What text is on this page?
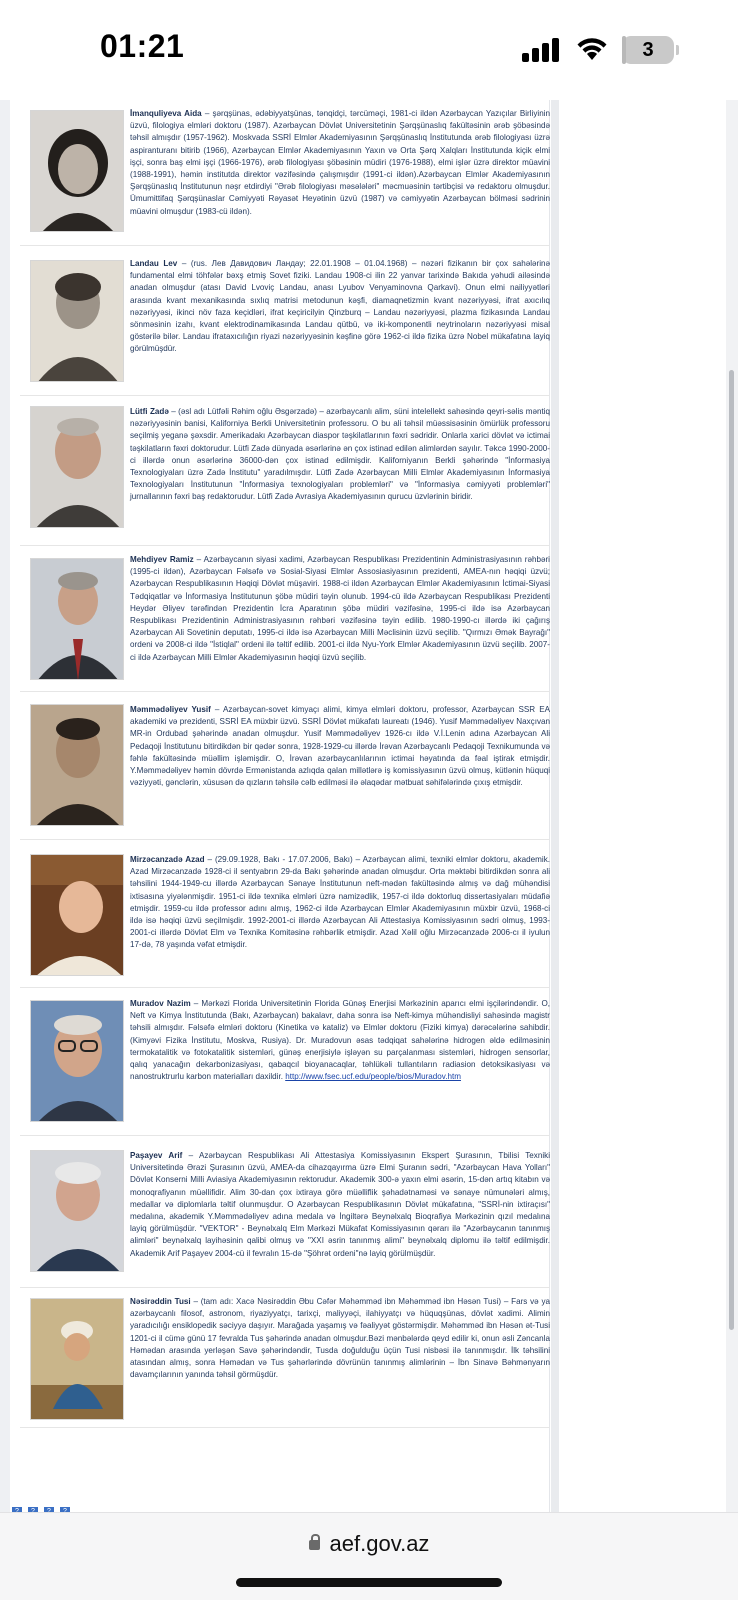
01:21	3
İmanquliyeva Aida – şərqşünas, ədəbiyyatşünas, tənqidçi, tərcüməçi, 1981-ci ildən Azərbaycan Yazıçılar Birliyinin üzvü, filologiya elmləri doktoru (1987). Azərbaycan Dövlət Universitetinin Şərqşünaslıq fakültəsinin ərəb şöbəsində təhsil almışdır (1957-1962). Moskvada SSRİ Elmlər Akademiyasının Şərqşünaslıq İnstitutunda ərəb filologiyası üzrə aspiranturanı bitirib (1966), Azərbaycan Elmlər Akademiyasının Yaxın və Orta Şərq Xalqları İnstitutunda kiçik elmi işçi, sonra baş elmi işçi (1966-1976), ərəb filologiyası şöbəsinin müdiri (1976-1988), elmi işlər üzrə direktor müavini (1988-1991), həmin institutda direktor vəzifəsində çalışmışdır (1991-ci ildən).Azərbaycan Elmlər Akademiyasının Şərqşünaslıq İnstitutunun nəşr etdirdiyi "Ərəb filologiyası məsələləri" məcmuəsinin tərtibçisi və redaktoru olmuşdur. Ümumittifaq Şərqşünaslar Cəmiyyəti Rəyasət Heyətinin üzvü (1987) və cəmiyyətin Azərbaycan bölməsi sədrinin müavini olmuşdur (1983-cü ildən).
Landau Lev – (rus. Лев Давидович Ландау; 22.01.1908 – 01.04.1968) – nəzəri fizikanın bir çox sahələrinə fundamental elmi töhfələr bəxş etmiş Sovet fiziki. Landau 1908-ci ilin 22 yanvar tarixində Bakıda yəhudi ailəsində anadan olmuşdur (atası David Lvoviç Landau, anası Lyubov Venyaminovna Qarkavi). Onun elmi nailiyyətləri arasında kvant mexanikasında sıxlıq matrisi metodunun kəşfi, diamaqnetizmin kvant nəzəriyyəsi, ifrat axıcılıq nəzəriyyəsi, ikinci növ faza keçidləri, ifrat keçiricilyin Qinzburq – Landau nəzəriyyəsi, plazma fizikasında Landau sönməsinin izahı, kvant elektrodinamikasında Landau qütbü, və iki-komponentli neytrinoların nəzəriyyəsi misal göstərilə bilər. Landau ifrataxıcılığın riyazi nəzəriyyəsinin kəşfinə görə 1962-ci ildə fizika üzrə Nobel mükafatına layiq görülmüşdür.
Lütfi Zadə – (əsl adı Lütfəli Rəhim oğlu Əsgərzadə) – azərbaycanlı alim, süni intelellekt sahəsində qeyri-səlis məntiq nəzəriyyəsinin banisi, Kaliforniya Berkli Universitetinin professoru. O bu ali təhsil müəssisəsinin ömürlük professoru seçilmiş yeganə şəxsdir. Amerikadakı Azərbaycan diaspor təşkilatlarının fəxri sədridir. Onlarla xarici dövlət və ictimai təşkilatların fəxri doktorudur. Lütfi Zadə dünyada əsərlərinə ən çox istinad edilən alimlərdən sayılır. Təkcə 1990-2000-ci illərdə onun əsərlərinə 36000-dən çox istinad edilmişdir. Kaliforniyanın Berkli şəhərində "İnformasiya Texnologiyaları üzrə Zadə İnstitutu" yaradılmışdır. Lütfi Zadə Azərbaycan Milli Elmlər Akademiyasının İnformasiya Texnologiyaları İnstitutunun "İnformasiya texnologiyaları problemləri" və "İnformasiya cəmiyyəti problemləri" jurnallarının fəxri baş redaktorudur. Lütfi Zadə Avrasiya Akademiyasının qurucu üzvlərinin biridir.
Mehdiyev Ramiz – Azərbaycanın siyasi xadimi, Azərbaycan Respublikası Prezidentinin Administrasiyasının rəhbəri (1995-ci ildən), Azərbaycan Fəlsəfə və Sosial-Siyasi Elmlər Assosiasiyasının prezidenti, AMEA-nın həqiqi üzvü; Azərbaycan Respublikasının Həqiqi Dövlət müşaviri. 1988-ci ildən Azərbaycan Elmlər Akademiyasının İctimai-Siyasi Tədqiqatlar və İnformasiya İnstitutunun şöbə müdiri təyin olunub. 1994-cü ildə Azərbaycan Respublikası Prezidenti Heydər Əliyev tərəfindən Prezidentin İcra Aparatının şöbə müdiri vəzifəsinə, 1995-ci ildə isə Azərbaycan Respublikası Prezidentinin Administrasiyasının rəhbəri vəzifəsinə təyin edilib. 1980-1990-cı illərdə iki çağırış Azərbaycan Ali Sovetinin deputatı, 1995-ci ildə isə Azərbaycan Milli Məclisinin üzvü seçilib. "Qırmızı Əmək Bayrağı" ordeni və 2008-ci ildə "İstiqlal" ordeni ilə təltif edilib. 2001-ci ildə Nyu-York Elmlər Akademiyasının üzvü seçilib. 2007-ci ildə Azərbaycan Milli Elmlər Akademiyasının həqiqi üzvü seçilib.
Məmmədəliyev Yusif – Azərbaycan-sovet kimyaçı alimi, kimya elmləri doktoru, professor, Azərbaycan SSR EA akademiki və prezidenti, SSRİ EA müxbir üzvü. SSRİ Dövlət mükafatı laureatı (1946). Yusif Məmmədəliyev Naxçıvan MR-in Ordubad şəhərində anadan olmuşdur. Yusif Məmmədəliyev 1926-cı ildə V.İ.Lenin adına Azərbaycan Ali Pedaqoji İnstitutunu bitirdikdən bir qədər sonra, 1928-1929-cu illərdə İrəvan Azərbaycanlı Pedaqoji Texnikumunda və fəhlə fakültəsində müəllim işləmişdir. O, İrəvan azərbaycanlılarının ictimai həyatında da fəal iştirak etmişdir. Y.Məmmədəliyev həmin dövrdə Ermənistanda azlıqda qalan millətlərə iş komissiyasının üzvü olmuş, kütlənin hüquqi vəziyyəti, gənclərin, xüsusən də qızların təhsilə cəlb edilməsi ilə əlaqədar mətbuat səhifələrində çıxış etmişdir.
Mirzəcanzadə Azad – (29.09.1928, Bakı - 17.07.2006, Bakı) – Azərbaycan alimi, texniki elmlər doktoru, akademik. Azad Mirzəcanzadə 1928-ci il sentyabrın 29-da Bakı şəhərində anadan olmuşdur. Orta məktəbi bitirdikdən sonra ali təhsilini 1944-1949-cu illərdə Azərbaycan Sənaye İnstitutunun neft-mədən fakültəsində almış və dağ mühəndisi ixtisasına yiyələnmişdir. 1951-ci ildə texnika elmləri üzrə namizədlik, 1957-ci ildə doktorluq dissertasiyaları müdafiə etmişdir. 1959-cu ildə professor adını almış, 1962-ci ildə Azərbaycan Elmlər Akademiyasının müxbir üzvü, 1968-ci ildə isə həqiqi üzvü seçilmişdir. 1992-2001-ci illərdə Azərbaycan Ali Attestasiya Komissiyasının sədri olmuş, 1993-2001-ci illərdə Dövlət Elm və Texnika Komitəsinə rəhbərlik etmişdir. Azad Xəlil oğlu Mirzəcanzadə 2006-cı il iyulun 17-də, 78 yaşında vəfat etmişdir.
Muradov Nazim – Mərkəzi Florida Universitetinin Florida Günəş Enerjisi Mərkəzinin aparıcı elmi işçilərindəndir. O, Neft və Kimya İnstitutunda (Bakı, Azərbaycan) bakalavr, daha sonra isə Neft-kimya mühəndisliyi sahəsində magistr təhsili almışdır. Fəlsəfə elmləri doktoru (Kinetika və kataliz) və Elmlər doktoru (Fiziki kimya) dərəcələrinə sahibdir. (Kimyəvi Fizika İnstitutu, Moskva, Rusiya). Dr. Muradovun əsas tədqiqat sahələrinə hidrogen əldə edilməsinin termokatalitik və fotokatalitik sistemləri, günəş enerjisiylə işləyən su parçalanması sistemləri, hidrogen sensorlar, qalıq yanacağın dekarbonizasiyası, qabaqcıl bioyanacaqlar, təhlükəli tullantıların radiasion detoksikasiyası və nanostruktrurlu karbon materialları daxildir. http://www.fsec.ucf.edu/people/bios/Muradov.htm
Paşayev Arif – Azərbaycan Respublikası Ali Attestasiya Komissiyasının Ekspert Şurasının, Tbilisi Texniki Universitetində Ərazi Şurasının üzvü, AMEA-da cihazqayırma üzrə Elmi Şuranın sədri, "Azərbaycan Hava Yolları" Dövlət Konserni Milli Aviasiya Akademiyasının rektorudur. Akademik 300-ə yaxın elmi əsərin, 15-dən artıq kitabın və monoqrafiyanın müəllifidir. Alim 30-dan çox ixtiraya görə müəlliflik şəhadətnaməsi və sənaye nümunələri almış, medallar və diplomlarla təltif olunmuşdur. O Azərbaycan Respublikasının Dövlət mükafatına, "SSRİ-nin ixtiraçısı" medalına, akademik Y.Məmmədəliyev adına medala və İngiltərə Beynəlxalq Bioqrafiya Mərkəzinin qızıl medalına layiq görülmüşdür. "VEKTOR" - Beynəlxalq Elm Mərkəzi Mükafat Komissiyasının qərarı ilə "Azərbaycanın tanınmış alimləri" beynəlxalq layihəsinin qalibi olmuş və "XXI əsrin tanınmış alimi" beynəlxalq diplomu ilə təltif edilmişdir. Akademik Arif Paşayev 2004-cü il fevralın 15-də "Şöhrət ordeni"nə layiq görülmüşdür.
Nəsirəddin Tusi – (tam adı: Xacə Nəsirəddin Əbu Cəfər Məhəmməd ibn Məhəmməd ibn Həsən Tusi) – Fars və ya azərbaycanlı filosof, astronom, riyaziyyatçı, tarixçi, maliyyəçi, ilahiyyatçı və hüquqşünas, dövlət xadimi. Alimin yaradıcılığı ensiklopedik səciyyə daşıyır. Marağada yaşamış və fəaliyyət göstərmişdir. Məhəmməd ibn Həsən ət-Tusi 1201-ci il cümə günü 17 fevralda Tus şəhərində anadan olmuşdur.Bəzi mənbələrdə qeyd edilir ki, onun əsli Zəncanla Həmədan arasında yerləşən Savə şəhərindəndir, Tusda doğulduğu üçün Tusi nisbəsi ilə tanınmışdır. İlk təhsilini atasından almış, sonra Həmədan və Tus şəhərlərində dövrünün tanınmış alimlərinin – İbn Sinavə Bəhmənyarın davamçılarının yanında təhsil görmüşdür.
? ? ? ?
aef.gov.az
